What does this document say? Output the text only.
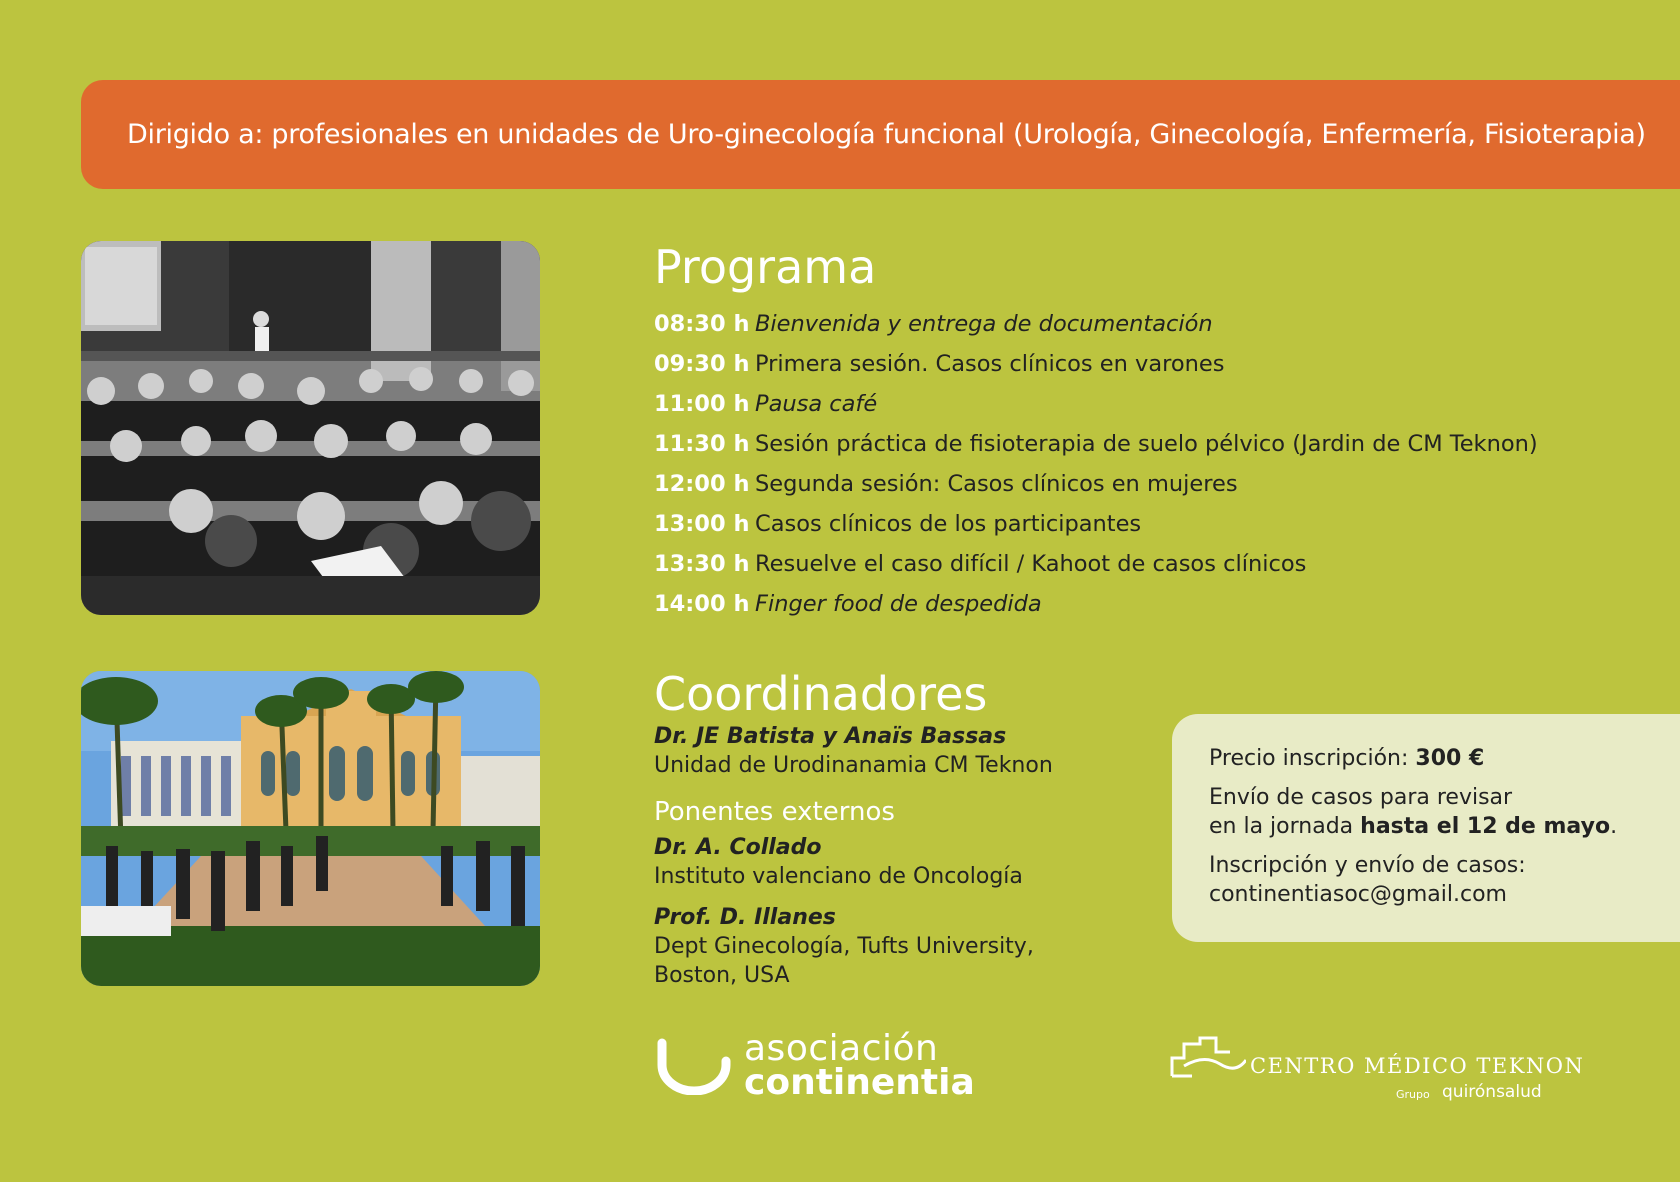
Dirigido a: profesionales en unidades de Uro-ginecología funcional (Urología, Ginecología, Enfermería, Fisioterapia)
Programa
08:30 h Bienvenida y entrega de documentación
09:30 h Primera sesión. Casos clínicos en varones
11:00 h Pausa café
11:30 h Sesión práctica de fisioterapia de suelo pélvico (Jardin de CM Teknon)
12:00 h Segunda sesión: Casos clínicos en mujeres
13:00 h Casos clínicos de los participantes
13:30 h Resuelve el caso difícil / Kahoot de casos clínicos
14:00 h Finger food de despedida
Coordinadores
Dr. JE Batista y Anaïs Bassas
Unidad de Urodinanamia CM Teknon
Ponentes externos
Dr. A. Collado
Instituto valenciano de Oncología
Prof. D. Illanes
Dept Ginecología, Tufts University,
Boston, USA

Precio inscripción: 300 €

Envío de casos para revisar
en la jornada hasta el 12 de mayo.

Inscripción y envío de casos:
continentiasoc@gmail.com

asociación
continentia	CENTRO MÉDICO TEKNON
Grupo quirónsalud
